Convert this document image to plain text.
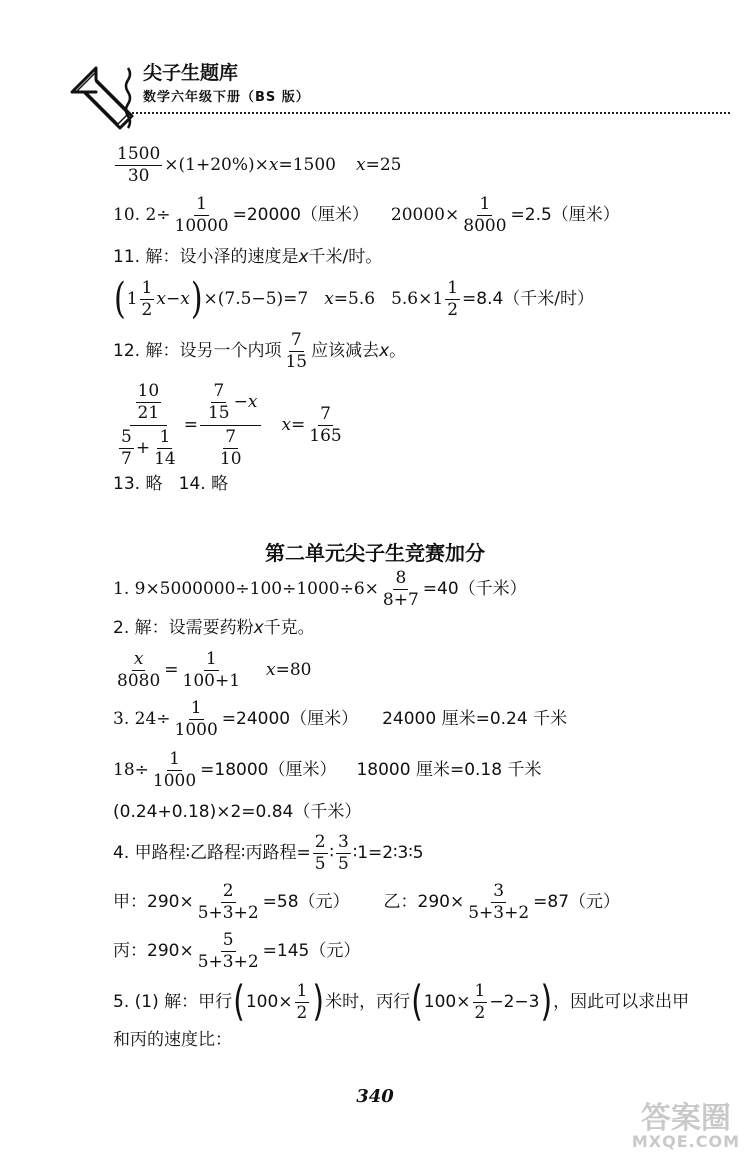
尖子生题库
数学六年级下册（BS 版）
$\frac{1500}{30} \times(1+20\%)\times x =1500$ x =25
10. $2\div \frac{1}{10000} =20000$（厘米） $20000\times \frac{1}{8000} =2.5$（厘米）
11. 解：设小泽的速度是 x 千米/时。
( $1 \frac{1}{2}$ x − x ) ×(7.5−5)=7 x =5.6 $5.6\times 1 \frac{1}{2} =8.4$（千米/时）
12. 解：设另一个内项 $\frac{7}{15}$ 应该减去 x 。
$\frac{\frac{10}{21}}{\frac{5}{7} + \frac{1}{14}} = \frac{\frac{7}{15} - x}{\frac{7}{10}}$ $x = \frac{7}{165}$
13. 略   14. 略
第二单元尖子生竞赛加分
1. $9\times 5000000\div 100\div 1000\div 6\times \frac{8}{8+7} =40$（千米）
2. 解：设需要药粉 x 千克。
$\frac{x}{8080} = \frac{1}{100+1}$ x =80
3. $24\div \frac{1}{1000} =24000$（厘米） 24000 厘米=0.24 千米
$18\div \frac{1}{1000} =18000$（厘米） 18000 厘米=0.18 千米
(0.24+0.18)×2=0.84（千米）
4. 甲路程∶乙路程∶丙路程= $\frac{2}{5}$ ∶ $\frac{3}{5}$ ∶1=2∶3∶5
甲：$290\times \frac{2}{5+3+2} =58$（元） 乙：$290\times \frac{3}{5+3+2} =87$（元）
丙：$290\times \frac{5}{5+3+2} =145$（元）
5. (1) 解：甲行 ( $100\times \frac{1}{2}$ ) 米时，丙行 ( $100\times \frac{1}{2} -2-3$ ) ，因此可以求出甲
和丙的速度比：
340
答案圈
MXQE.COM
